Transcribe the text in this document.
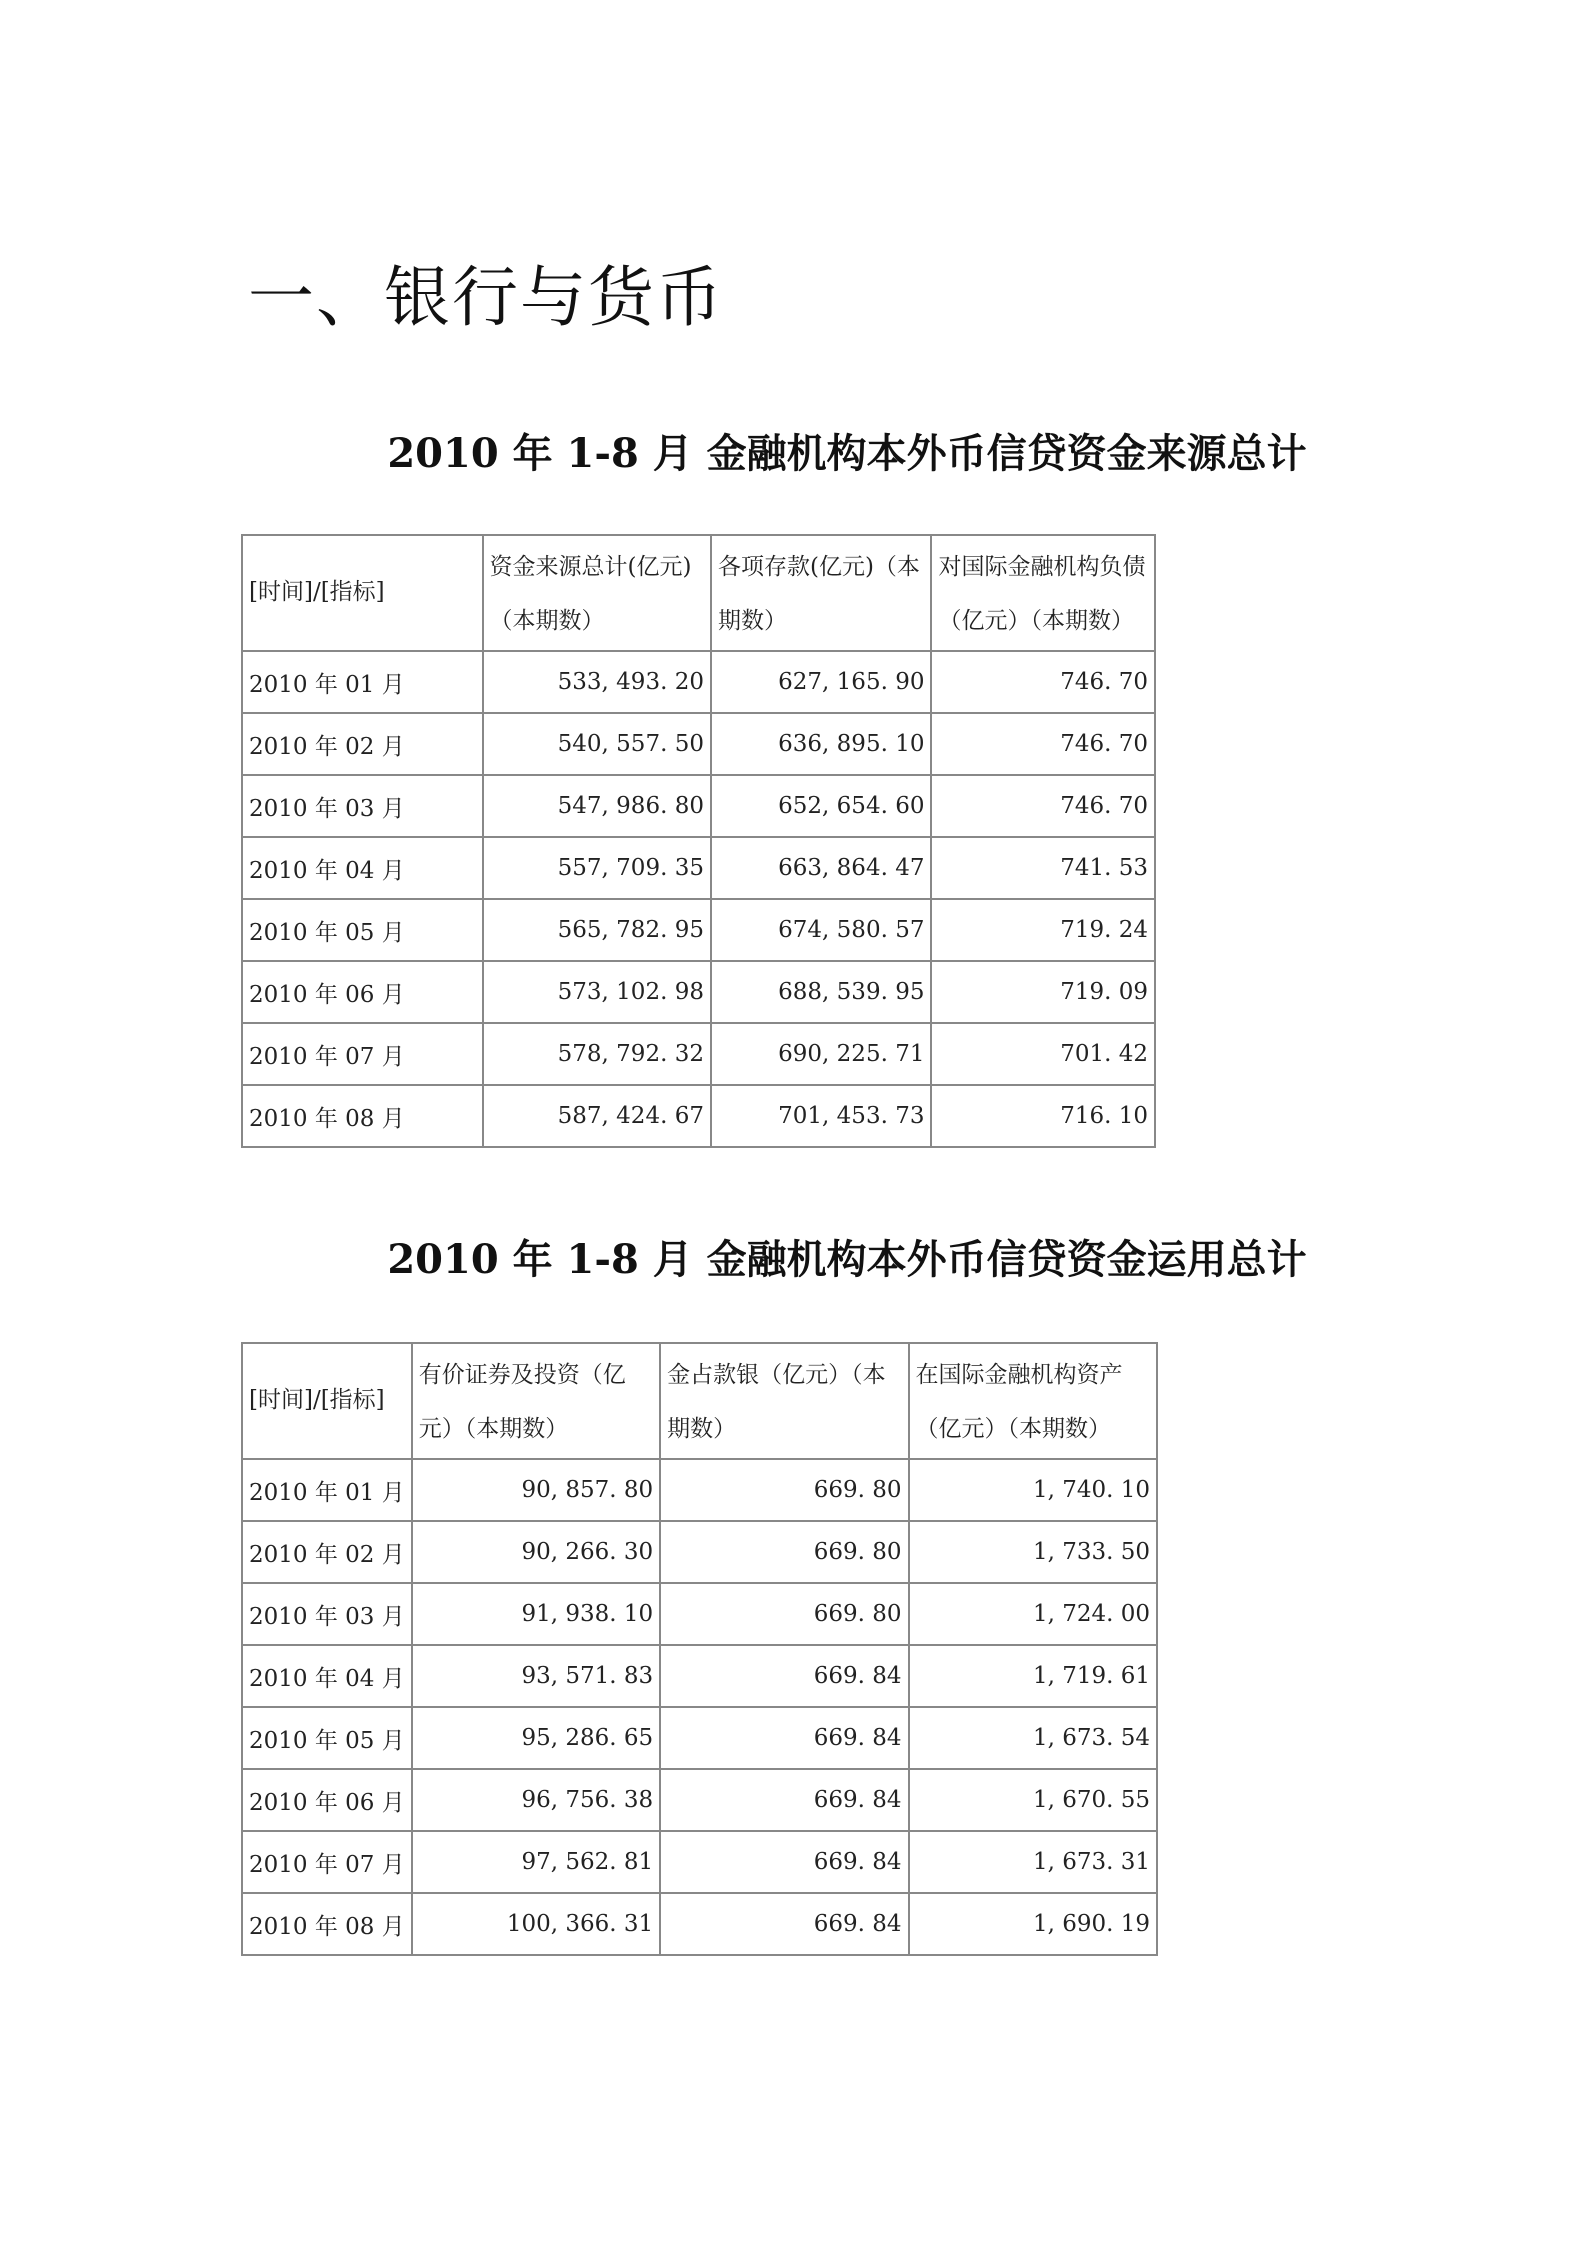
一、银行与货币
2010 年 1-8 月 金融机构本外币信贷资金来源总计
[时间]/[指标]	资金来源总计(亿元)（本期数）	各项存款(亿元)（本期数）	对国际金融机构负债（亿元）（本期数）
2010 年 01 月	533, 493. 20	627, 165. 90	746. 70
2010 年 02 月	540, 557. 50	636, 895. 10	746. 70
2010 年 03 月	547, 986. 80	652, 654. 60	746. 70
2010 年 04 月	557, 709. 35	663, 864. 47	741. 53
2010 年 05 月	565, 782. 95	674, 580. 57	719. 24
2010 年 06 月	573, 102. 98	688, 539. 95	719. 09
2010 年 07 月	578, 792. 32	690, 225. 71	701. 42
2010 年 08 月	587, 424. 67	701, 453. 73	716. 10
2010 年 1-8 月 金融机构本外币信贷资金运用总计
[时间]/[指标]	有价证券及投资（亿元）（本期数）	金占款银（亿元）（本期数）	在国际金融机构资产（亿元）（本期数）
2010 年 01 月	90, 857. 80	669. 80	1, 740. 10
2010 年 02 月	90, 266. 30	669. 80	1, 733. 50
2010 年 03 月	91, 938. 10	669. 80	1, 724. 00
2010 年 04 月	93, 571. 83	669. 84	1, 719. 61
2010 年 05 月	95, 286. 65	669. 84	1, 673. 54
2010 年 06 月	96, 756. 38	669. 84	1, 670. 55
2010 年 07 月	97, 562. 81	669. 84	1, 673. 31
2010 年 08 月	100, 366. 31	669. 84	1, 690. 19
